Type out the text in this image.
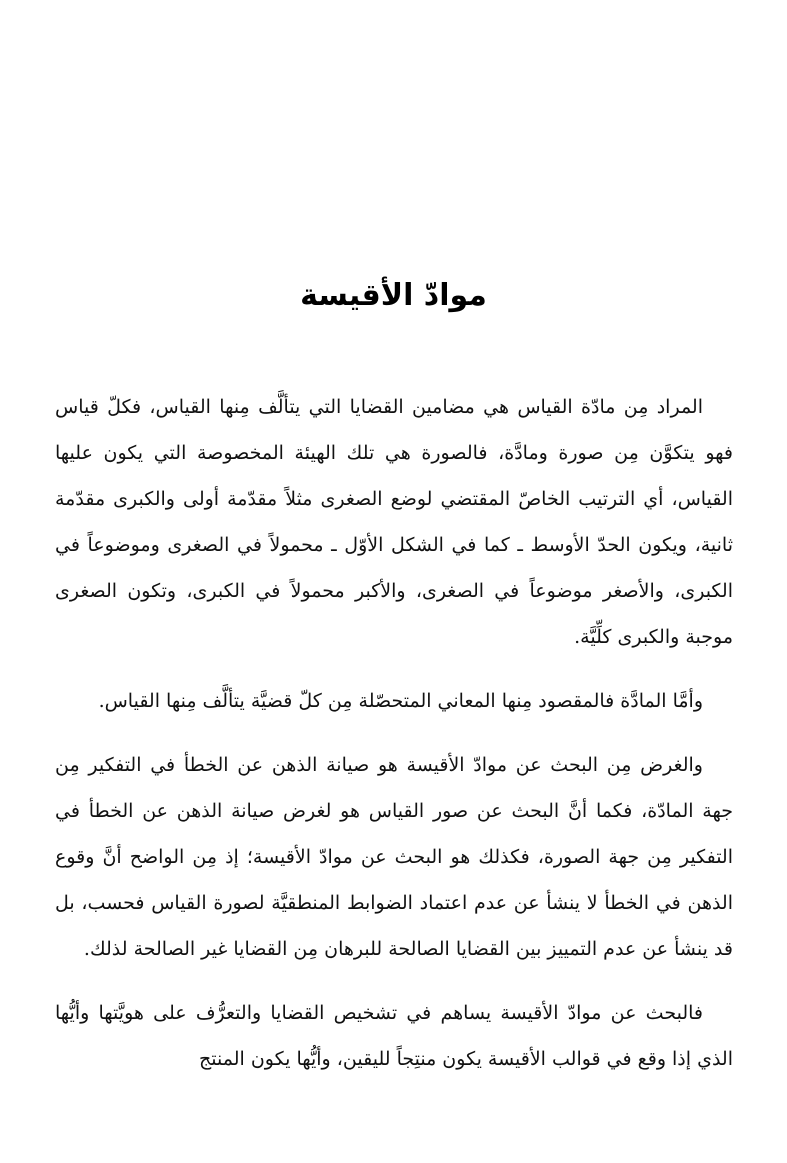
موادّ الأقيسة

المراد مِن مادّة القياس هي مضامين القضايا التي يتألَّف مِنها القياس، فكلّ قياس فهو يتكوَّن مِن صورة ومادَّة، فالصورة هي تلك الهيئة المخصوصة التي يكون عليها القياس، أي الترتيب الخاصّ المقتضي لوضع الصغرى مثلاً مقدّمة أولى والكبرى مقدّمة ثانية، ويكون الحدّ الأوسط ـ كما في الشكل الأوّل ـ محمولاً في الصغرى وموضوعاً في الكبرى، والأصغر موضوعاً في الصغرى، والأكبر محمولاً في الكبرى، وتكون الصغرى موجبة والكبرى كلِّيَّة.

وأمَّا المادَّة فالمقصود مِنها المعاني المتحصّلة مِن كلّ قضيَّة يتألَّف مِنها القياس.

والغرض مِن البحث عن موادّ الأقيسة هو صيانة الذهن عن الخطأ في التفكير مِن جهة المادّة، فكما أنَّ البحث عن صور القياس هو لغرض صيانة الذهن عن الخطأ في التفكير مِن جهة الصورة، فكذلك هو البحث عن موادّ الأقيسة؛ إذ مِن الواضح أنَّ وقوع الذهن في الخطأ لا ينشأ عن عدم اعتماد الضوابط المنطقيَّة لصورة القياس فحسب، بل قد ينشأ عن عدم التمييز بين القضايا الصالحة للبرهان مِن القضايا غير الصالحة لذلك.

فالبحث عن موادّ الأقيسة يساهم في تشخيص القضايا والتعرُّف على هويَّتها وأيُّها الذي إذا وقع في قوالب الأقيسة يكون منتِجاً لليقين، وأيُّها يكون المنتج
